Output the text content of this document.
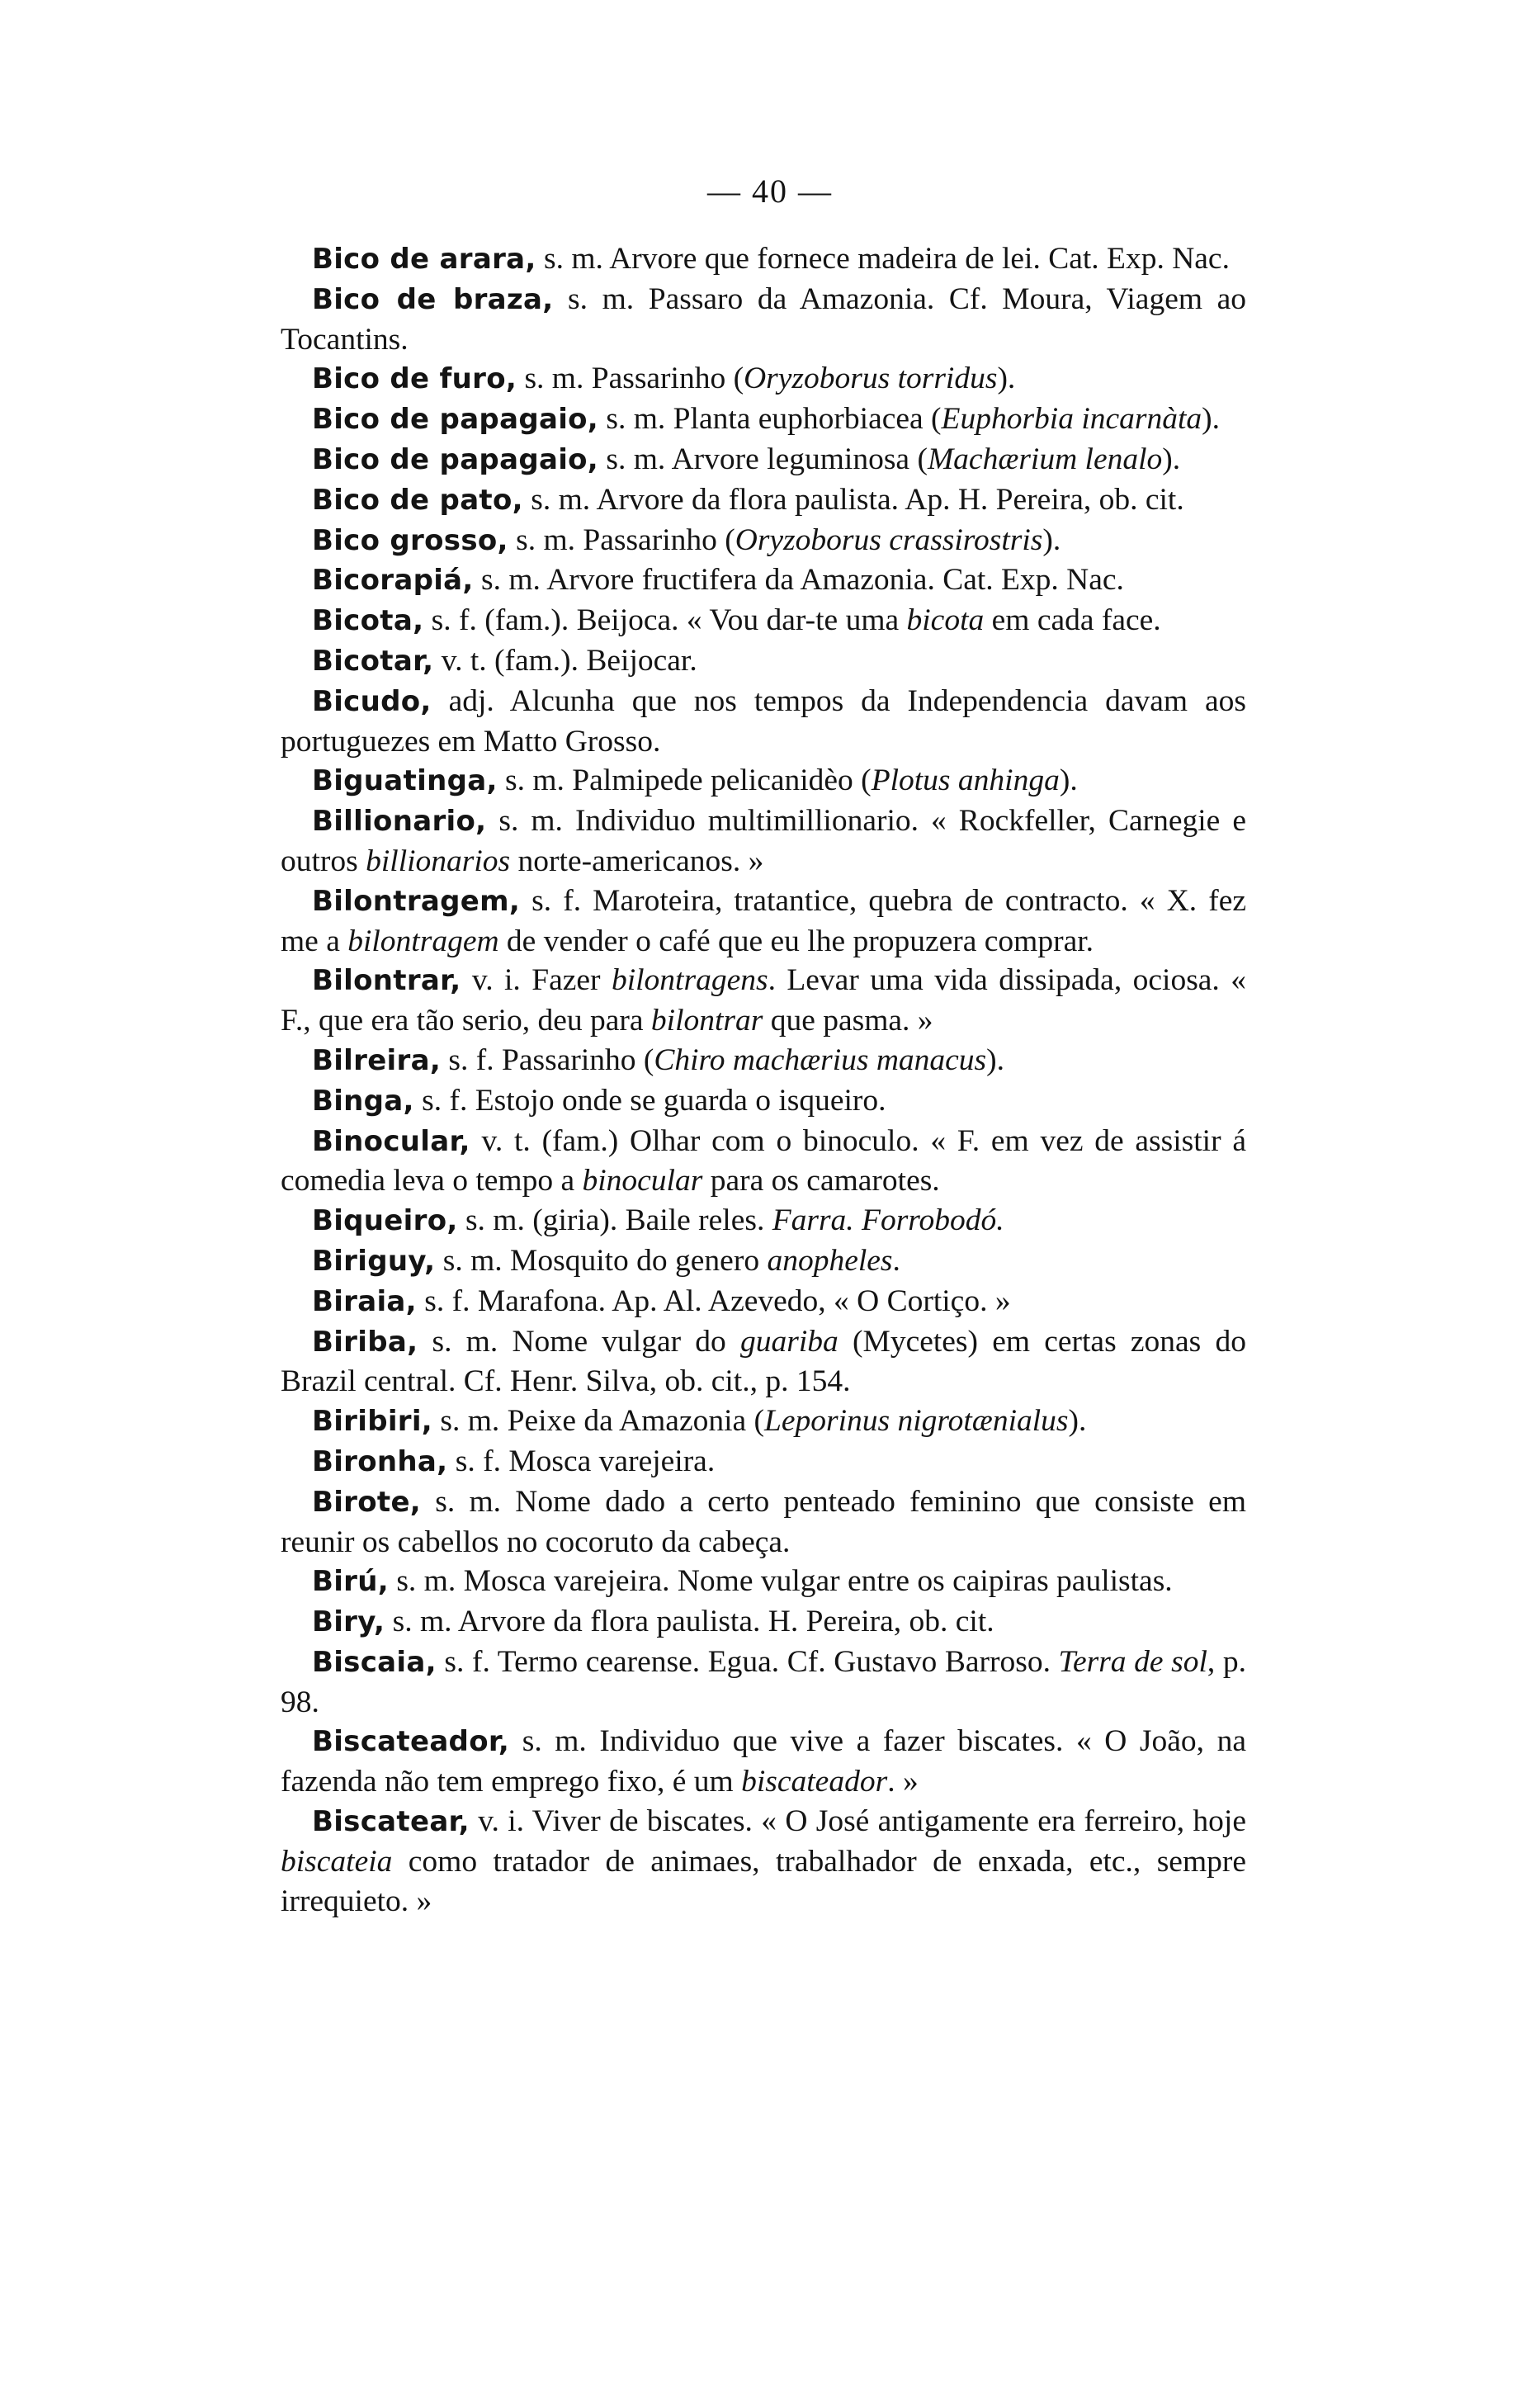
— 40 —

Bico de arara, s. m. Arvore que fornece madeira de lei. Cat. Exp. Nac.

Bico de braza, s. m. Passaro da Amazonia. Cf. Moura, Viagem ao Tocantins.

Bico de furo, s. m. Passarinho (Oryzoborus torridus).

Bico de papagaio, s. m. Planta euphorbiacea (Euphorbia incarnàta).

Bico de papagaio, s. m. Arvore leguminosa (Machærium lenalo).

Bico de pato, s. m. Arvore da flora paulista. Ap. H. Pereira, ob. cit.

Bico grosso, s. m. Passarinho (Oryzoborus crassirostris).

Bicorapiá, s. m. Arvore fructifera da Amazonia. Cat. Exp. Nac.

Bicota, s. f. (fam.). Beijoca. « Vou dar-te uma bicota em cada face.

Bicotar, v. t. (fam.). Beijocar.

Bicudo, adj. Alcunha que nos tempos da Independencia davam aos portuguezes em Matto Grosso.

Biguatinga, s. m. Palmipede pelicanidèo (Plotus anhinga).

Billionario, s. m. Individuo multimillionario. « Rockfeller, Carnegie e outros billionarios norte-americanos. »

Bilontragem, s. f. Maroteira, tratantice, quebra de contracto. « X. fez me a bilontragem de vender o café que eu lhe propuzera comprar.

Bilontrar, v. i. Fazer bilontragens. Levar uma vida dissipada, ociosa. « F., que era tão serio, deu para bilontrar que pasma. »

Bilreira, s. f. Passarinho (Chiro machærius manacus).

Binga, s. f. Estojo onde se guarda o isqueiro.

Binocular, v. t. (fam.) Olhar com o binoculo. « F. em vez de assistir á comedia leva o tempo a binocular para os camarotes.

Biqueiro, s. m. (giria). Baile reles. Farra. Forrobodó.

Biriguy, s. m. Mosquito do genero anopheles.

Biraia, s. f. Marafona. Ap. Al. Azevedo, « O Cortiço. »

Biriba, s. m. Nome vulgar do guariba (Mycetes) em certas zonas do Brazil central. Cf. Henr. Silva, ob. cit., p. 154.

Biribiri, s. m. Peixe da Amazonia (Leporinus nigrotænialus).

Bironha, s. f. Mosca varejeira.

Birote, s. m. Nome dado a certo penteado feminino que consiste em reunir os cabellos no cocoruto da cabeça.

Birú, s. m. Mosca varejeira. Nome vulgar entre os caipiras paulistas.

Biry, s. m. Arvore da flora paulista. H. Pereira, ob. cit.

Biscaia, s. f. Termo cearense. Egua. Cf. Gustavo Barroso. Terra de sol, p. 98.

Biscateador, s. m. Individuo que vive a fazer biscates. « O João, na fazenda não tem emprego fixo, é um biscateador. »

Biscatear, v. i. Viver de biscates. « O José antigamente era ferreiro, hoje biscateia como tratador de animaes, trabalhador de enxada, etc., sempre irrequieto. »
